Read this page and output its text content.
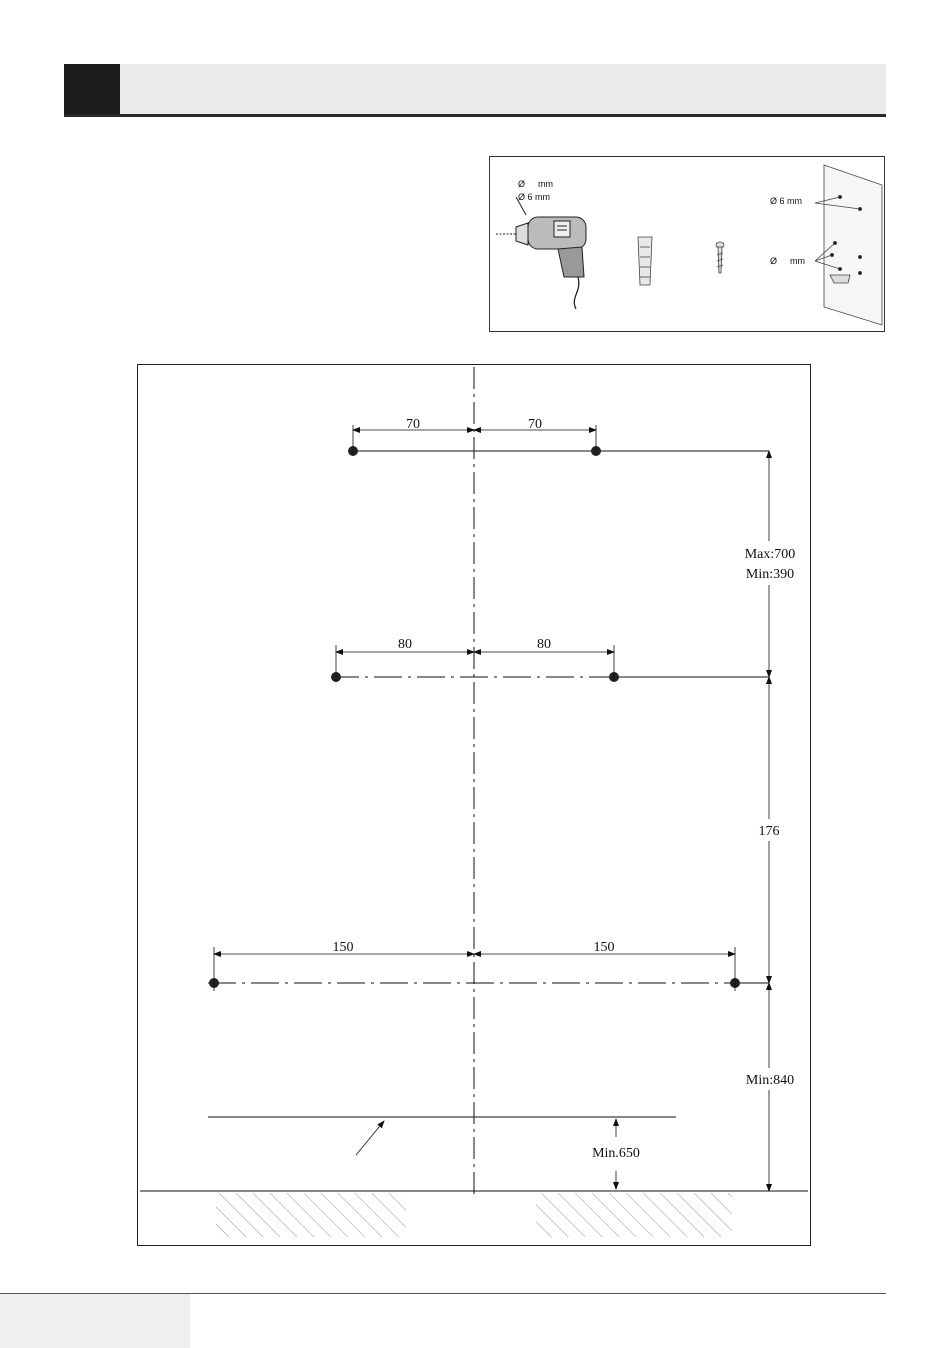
Ø mm
Ø 6 mm	Ø 6 mm
Ø mm
70	70
80	80
150	150
Max:700
Min:390
176
Min:840
Min.650
